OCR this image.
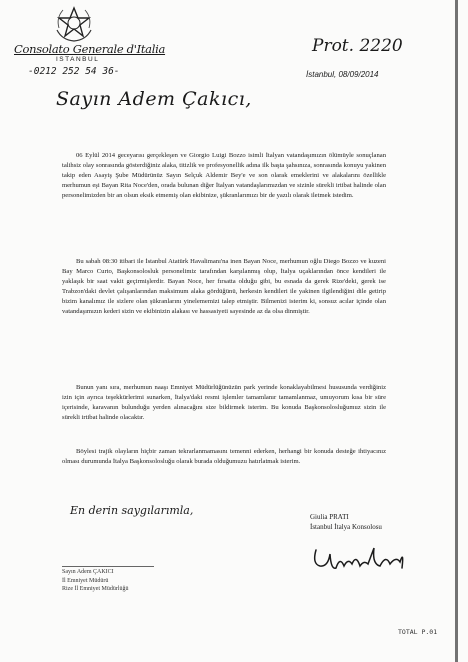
Consolato Generale d'Italia
ISTANBUL
-0212 252 54 36-
Prot. 2220
İstanbul, 08/09/2014
Sayın Adem Çakıcı,

06 Eylül 2014 geceyarısı gerçekleşen ve Giorgio Luigi Bozzo isimli İtalyan vatandaşımızın ölümüyle sonuçlanan talihsiz olay sonrasında gösterdiğiniz alaka, titizlik ve profesyonellik adına ilk başta şahsınıza, sonrasında konuyu yakinen takip eden Asayiş Şube Müdürünüz Sayın Selçuk Aldemir Bey'e ve son olarak emeklerini ve alakalarını özellikle merhumun eşi Bayan Rita Noce'den, orada bulunan diğer İtalyan vatandaşlarımızdan ve sizinle sürekli irtibat halinde olan personelimizden bir an olsun eksik etmemiş olan ekibinize, şükranlarımızı bir de yazılı olarak iletmek istedim.

Bu sabah 08:30 itibari ile İstanbul Atatürk Havalimanı'na inen Bayan Noce, merhumun oğlu Diego Bozzo ve kuzeni Bay Marco Curto, Başkonsolosluk personelimiz tarafından karşılanmış olup, İtalya uçaklarından önce kendileri ile yaklaşık bir saat vakit geçirmişlerdir. Bayan Noce, her fırsatta olduğu gibi, bu esnada da gerek Rize'deki, gerek ise Trabzon'daki devlet çalışanlarından maksimum alaka gördüğünü, herkesin kendileri ile yakinen ilgilendiğini dile getirip bizim kanalımız ile sizlere olan şükranlarını yinelememizi talep etmiştir. Bilmenizi isterim ki, sonsuz acılar içinde olan vatandaşımızın kederi sizin ve ekibinizin alakası ve hassasiyeti sayesinde az da olsa dinmiştir.

Bunun yanı sıra, merhumun naaşı Emniyet Müdürlüğünüzün park yerinde konaklayabilmesi hususunda verdiğiniz izin için ayrıca teşekkürlerimi sunarken, İtalya'daki resmi işlemler tamamlanır tamamlanmaz, umuyorum kısa bir süre içerisinde, karavanın bulunduğu yerden alınacağını size bildirmek isterim. Bu konuda Başkonsolosluğumuz sizin ile sürekli irtibat halinde olacaktır.

Böylesi trajik olayların hiçbir zaman tekrarlanmamasını temenni ederken, herhangi bir konuda desteğe ihtiyacınız olması durumunda İtalya Başkonsolosluğu olarak burada olduğumuzu hatırlatmak isterim.

En derin saygılarımla,	Giulia PRATI
İstanbul İtalya Konsolosu
Sayın Adem ÇAKICI
İl Emniyet Müdürü
Rize İl Emniyet Müdürlüğü
TOTAL P.01
